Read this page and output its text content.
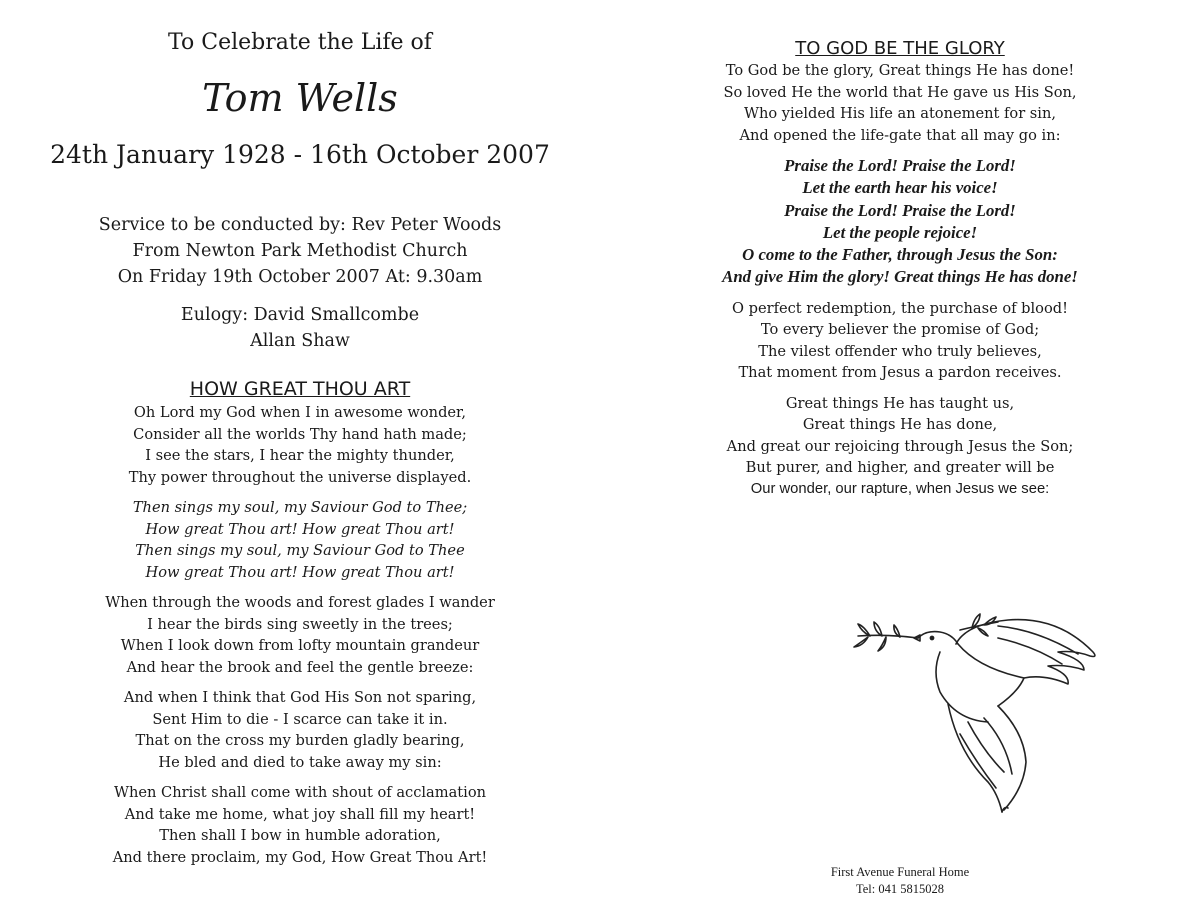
To Celebrate the Life of
Tom Wells
24th January 1928 - 16th October 2007
Service to be conducted by: Rev Peter Woods
From Newton Park Methodist Church
On Friday 19th October 2007 At: 9.30am
Eulogy: David Smallcombe
Allan Shaw
HOW GREAT THOU ART

Oh Lord my God when I in awesome wonder,
Consider all the worlds Thy hand hath made;
I see the stars, I hear the mighty thunder,
Thy power throughout the universe displayed.

Then sings my soul, my Saviour God to Thee;
How great Thou art! How great Thou art!
Then sings my soul, my Saviour God to Thee
How great Thou art! How great Thou art!

When through the woods and forest glades I wander
I hear the birds sing sweetly in the trees;
When I look down from lofty mountain grandeur
And hear the brook and feel the gentle breeze:

And when I think that God His Son not sparing,
Sent Him to die - I scarce can take it in.
That on the cross my burden gladly bearing,
He bled and died to take away my sin:

When Christ shall come with shout of acclamation
And take me home, what joy shall fill my heart!
Then shall I bow in humble adoration,
And there proclaim, my God, How Great Thou Art!

TO GOD BE THE GLORY

To God be the glory, Great things He has done!
So loved He the world that He gave us His Son,
Who yielded His life an atonement for sin,
And opened the life-gate that all may go in:

Praise the Lord! Praise the Lord!
Let the earth hear his voice!
Praise the Lord! Praise the Lord!
Let the people rejoice!
O come to the Father, through Jesus the Son:
And give Him the glory! Great things He has done!

O perfect redemption, the purchase of blood!
To every believer the promise of God;
The vilest offender who truly believes,
That moment from Jesus a pardon receives.

Great things He has taught us,
Great things He has done,
And great our rejoicing through Jesus the Son;
But purer, and higher, and greater will be
Our wonder, our rapture, when Jesus we see:

First Avenue Funeral Home
Tel: 041 5815028
